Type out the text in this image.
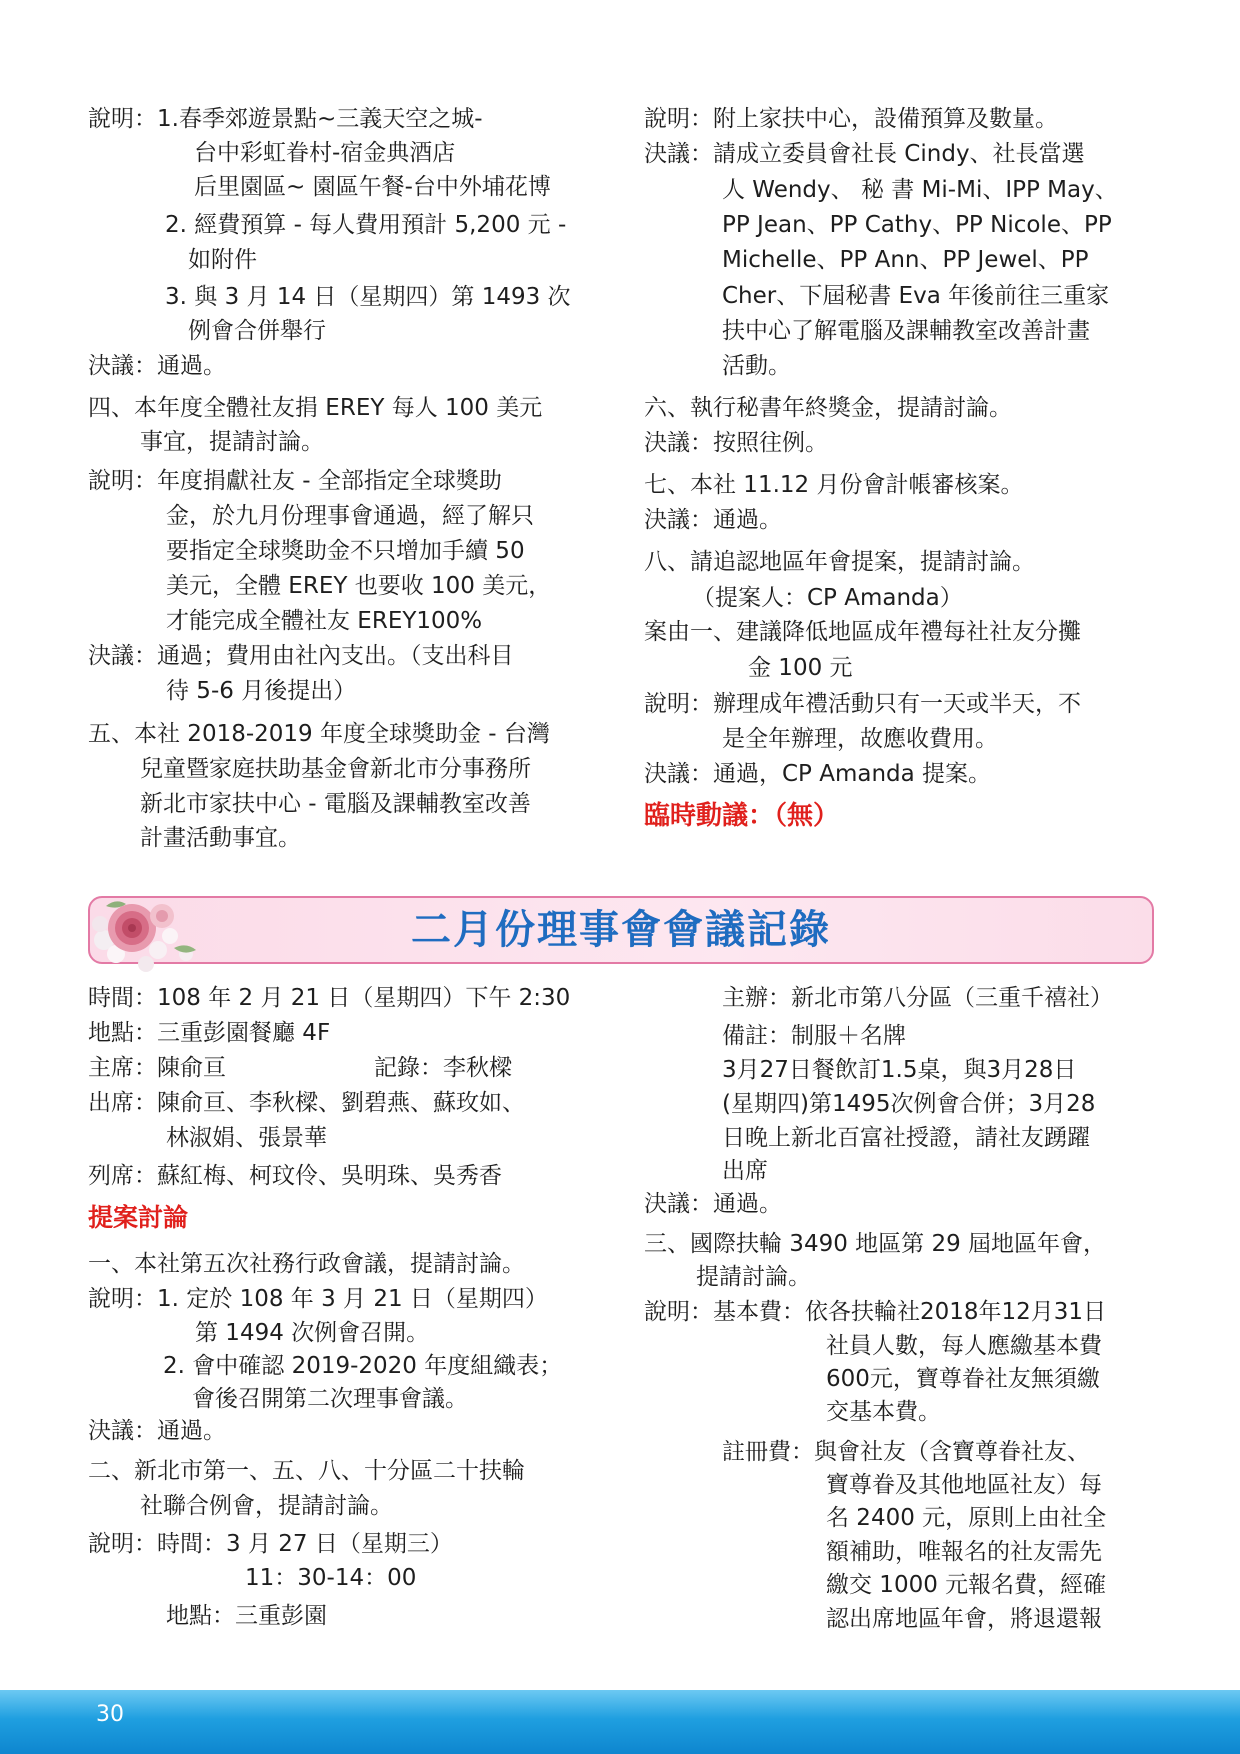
說明：1.春季郊遊景點~三義天空之城-
台中彩虹眷村-宿金典酒店
后里園區~ 園區午餐-台中外埔花博
2. 經費預算 - 每人費用預計 5,200 元 -
如附件
3. 與 3 月 14 日（星期四）第 1493 次
例會合併舉行
決議：通過。
四、本年度全體社友捐 EREY 每人 100 美元
事宜，提請討論。
說明：年度捐獻社友 - 全部指定全球獎助
金，於九月份理事會通過，經了解只
要指定全球獎助金不只增加手續 50
美元，全體 EREY 也要收 100 美元，
才能完成全體社友 EREY100%
決議：通過；費用由社內支出。（支出科目
待 5-6 月後提出）
五、本社 2018-2019 年度全球獎助金 - 台灣
兒童暨家庭扶助基金會新北市分事務所
新北市家扶中心 - 電腦及課輔教室改善
計畫活動事宜。
說明：附上家扶中心，設備預算及數量。
決議：請成立委員會社長 Cindy、社長當選
人 Wendy、 秘 書 Mi-Mi、IPP May、
PP Jean、PP Cathy、PP Nicole、PP
Michelle、PP Ann、PP Jewel、PP
Cher、下屆秘書 Eva 年後前往三重家
扶中心了解電腦及課輔教室改善計畫
活動。
六、執行秘書年終獎金，提請討論。
決議：按照往例。
七、本社 11.12 月份會計帳審核案。
決議：通過。
八、請追認地區年會提案，提請討論。
（提案人：CP Amanda）
案由一、建議降低地區成年禮每社社友分攤
金 100 元
說明：辦理成年禮活動只有一天或半天，不
是全年辦理，故應收費用。
決議：通過，CP Amanda 提案。
臨時動議：（無）
二月份理事會會議記錄
時間：108 年 2 月 21 日（星期四）下午 2:30
地點：三重彭園餐廳 4F
主席：陳俞亘	記錄：李秋樑
出席：陳俞亘、李秋樑、劉碧燕、蘇玫如、
林淑娟、張景華
列席：蘇紅梅、柯玟伶、吳明珠、吳秀香
提案討論
一、本社第五次社務行政會議，提請討論。
說明：1. 定於 108 年 3 月 21 日（星期四）
第 1494 次例會召開。
2. 會中確認 2019-2020 年度組織表；
會後召開第二次理事會議。
決議：通過。
二、新北市第一、五、八、十分區二十扶輪
社聯合例會，提請討論。
說明：時間：3 月 27 日（星期三）
11：30-14：00
地點：三重彭園
主辦：新北市第八分區（三重千禧社）
備註：制服＋名牌
3月27日餐飲訂1.5桌，與3月28日
(星期四)第1495次例會合併；3月28
日晚上新北百富社授證，請社友踴躍
出席
決議：通過。
三、國際扶輪 3490 地區第 29 屆地區年會，
提請討論。
說明：基本費：依各扶輪社2018年12月31日
社員人數，每人應繳基本費
600元，寶尊眷社友無須繳
交基本費。
註冊費：與會社友（含寶尊眷社友、
寶尊眷及其他地區社友）每
名 2400 元，原則上由社全
額補助，唯報名的社友需先
繳交 1000 元報名費，經確
認出席地區年會，將退還報
30
